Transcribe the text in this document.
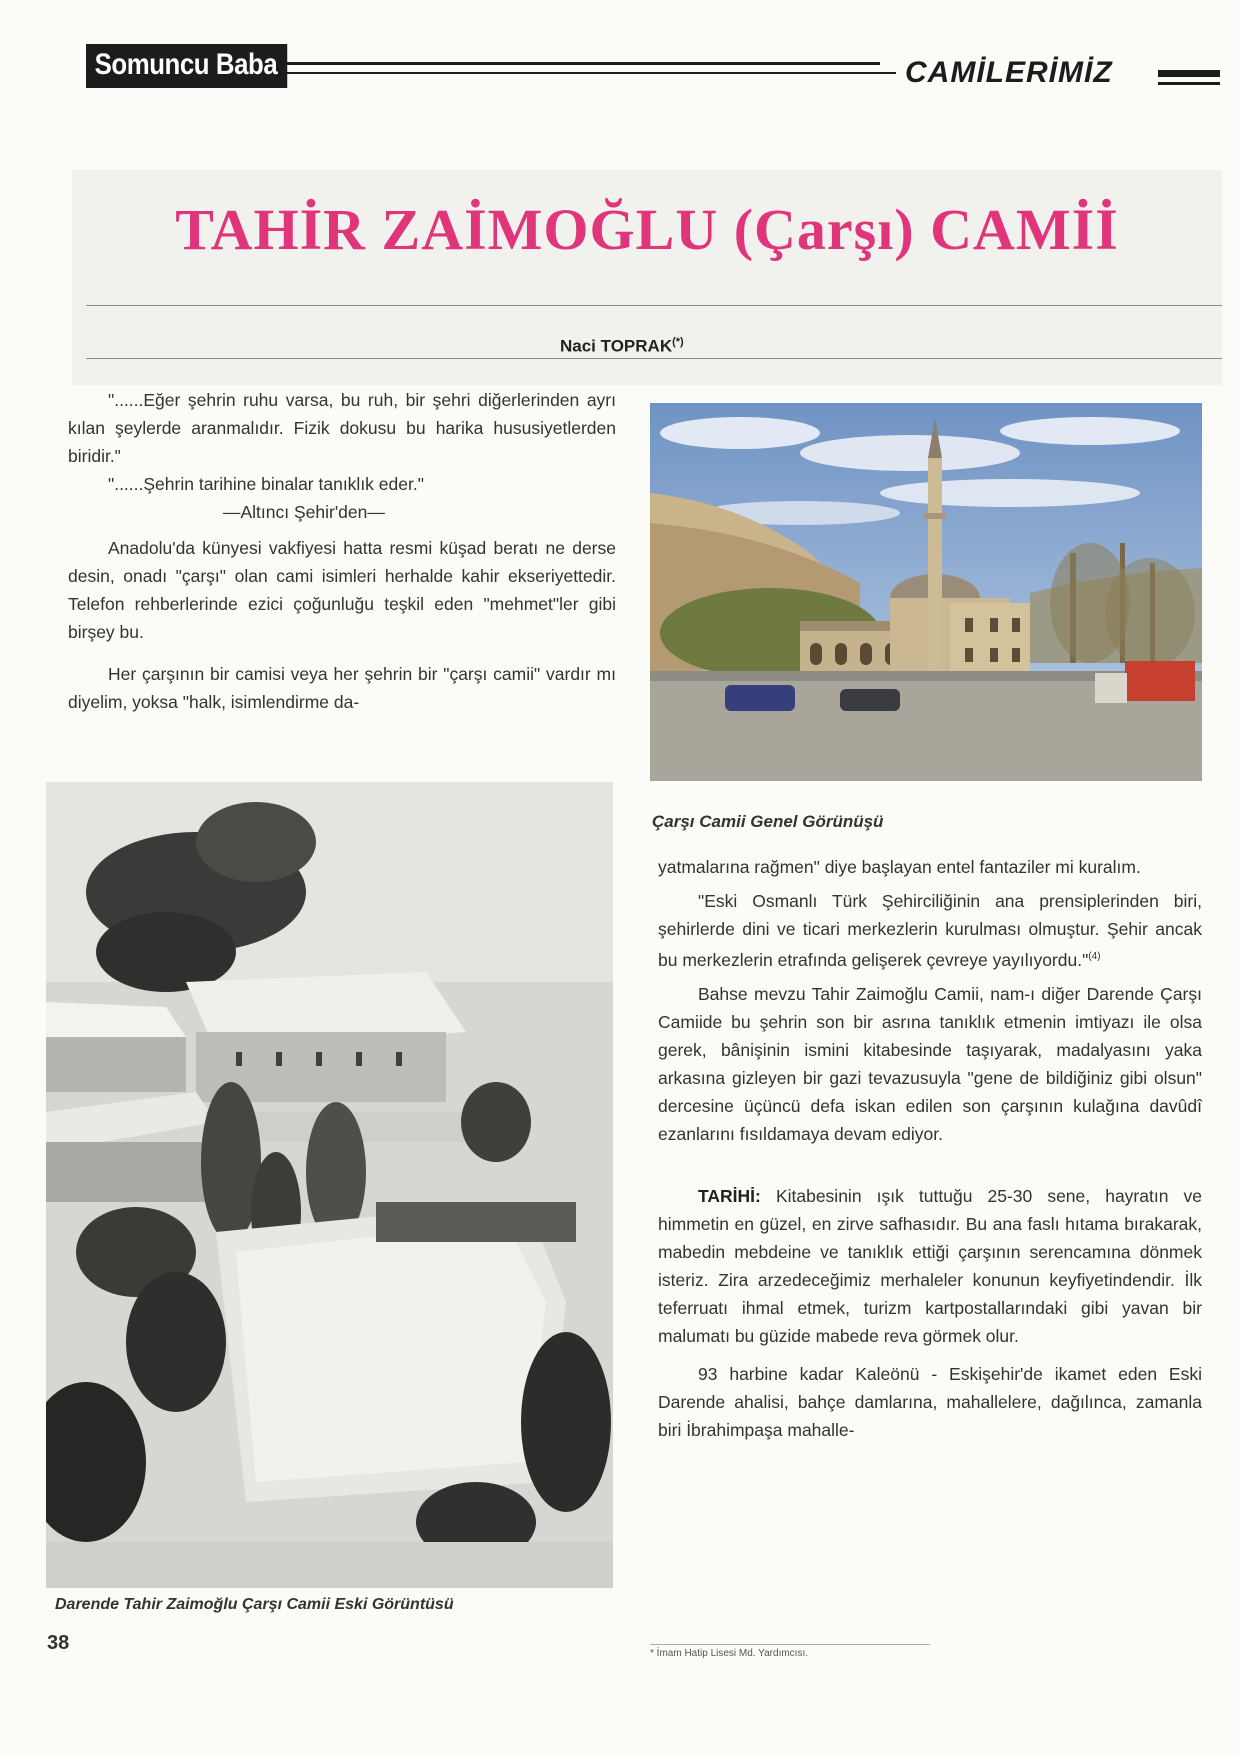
Somuncu Baba	CAMİLERİMİZ
TAHİR ZAİMOĞLU (Çarşı) CAMİİ
Naci TOPRAK(*)

"......Eğer şehrin ruhu varsa, bu ruh, bir şehri diğerlerinden ayrı kılan şeylerde aranmalıdır. Fizik dokusu bu harika hususiyetlerden biridir."

"......Şehrin tarihine binalar tanıklık eder."

—Altıncı Şehir'den—

Anadolu'da künyesi vakfiyesi hatta resmi küşad beratı ne derse desin, onadı "çarşı" olan cami isimleri herhalde kahir ekseriyettedir. Telefon rehberlerinde ezici çoğunluğu teşkil eden "mehmet"ler gibi birşey bu.

Her çarşının bir camisi veya her şehrin bir "çarşı camii" vardır mı diyelim, yoksa "halk, isimlendirme da-

Çarşı Camii Genel Görünüşü
Darende Tahir Zaimoğlu Çarşı Camii Eski Görüntüsü

yatmalarına rağmen" diye başlayan entel fantaziler mi kuralım.

"Eski Osmanlı Türk Şehirciliğinin ana prensiplerinden biri, şehirlerde dini ve ticari merkezlerin kurulması olmuştur. Şehir ancak bu merkezlerin etrafında gelişerek çevreye yayılıyordu."$^{(4)}$

Bahse mevzu Tahir Zaimoğlu Camii, nam-ı diğer Darende Çarşı Camiide bu şehrin son bir asrına tanıklık etmenin imtiyazı ile olsa gerek, bânişinin ismini kitabesinde taşıyarak, madalyasını yaka arkasına gizleyen bir gazi tevazusuyla "gene de bildiğiniz gibi olsun" dercesine üçüncü defa iskan edilen son çarşının kulağına davûdî ezanlarını fısıldamaya devam ediyor.

TARİHİ: Kitabesinin ışık tuttuğu 25-30 sene, hayratın ve himmetin en güzel, en zirve safhasıdır. Bu ana faslı hıtama bırakarak, mabedin mebdeine ve tanıklık ettiği çarşının serencamına dönmek isteriz. Zira arzedeceğimiz merhaleler konunun keyfiyetindendir. İlk teferruatı ihmal etmek, turizm kartpostallarındaki gibi yavan bir malumatı bu güzide mabede reva görmek olur.

93 harbine kadar Kaleönü - Eskişehir'de ikamet eden Eski Darende ahalisi, bahçe damlarına, mahallelere, dağılınca, zamanla biri İbrahimpaşa mahalle-

* İmam Hatip Lisesi Md. Yardımcısı.
38
